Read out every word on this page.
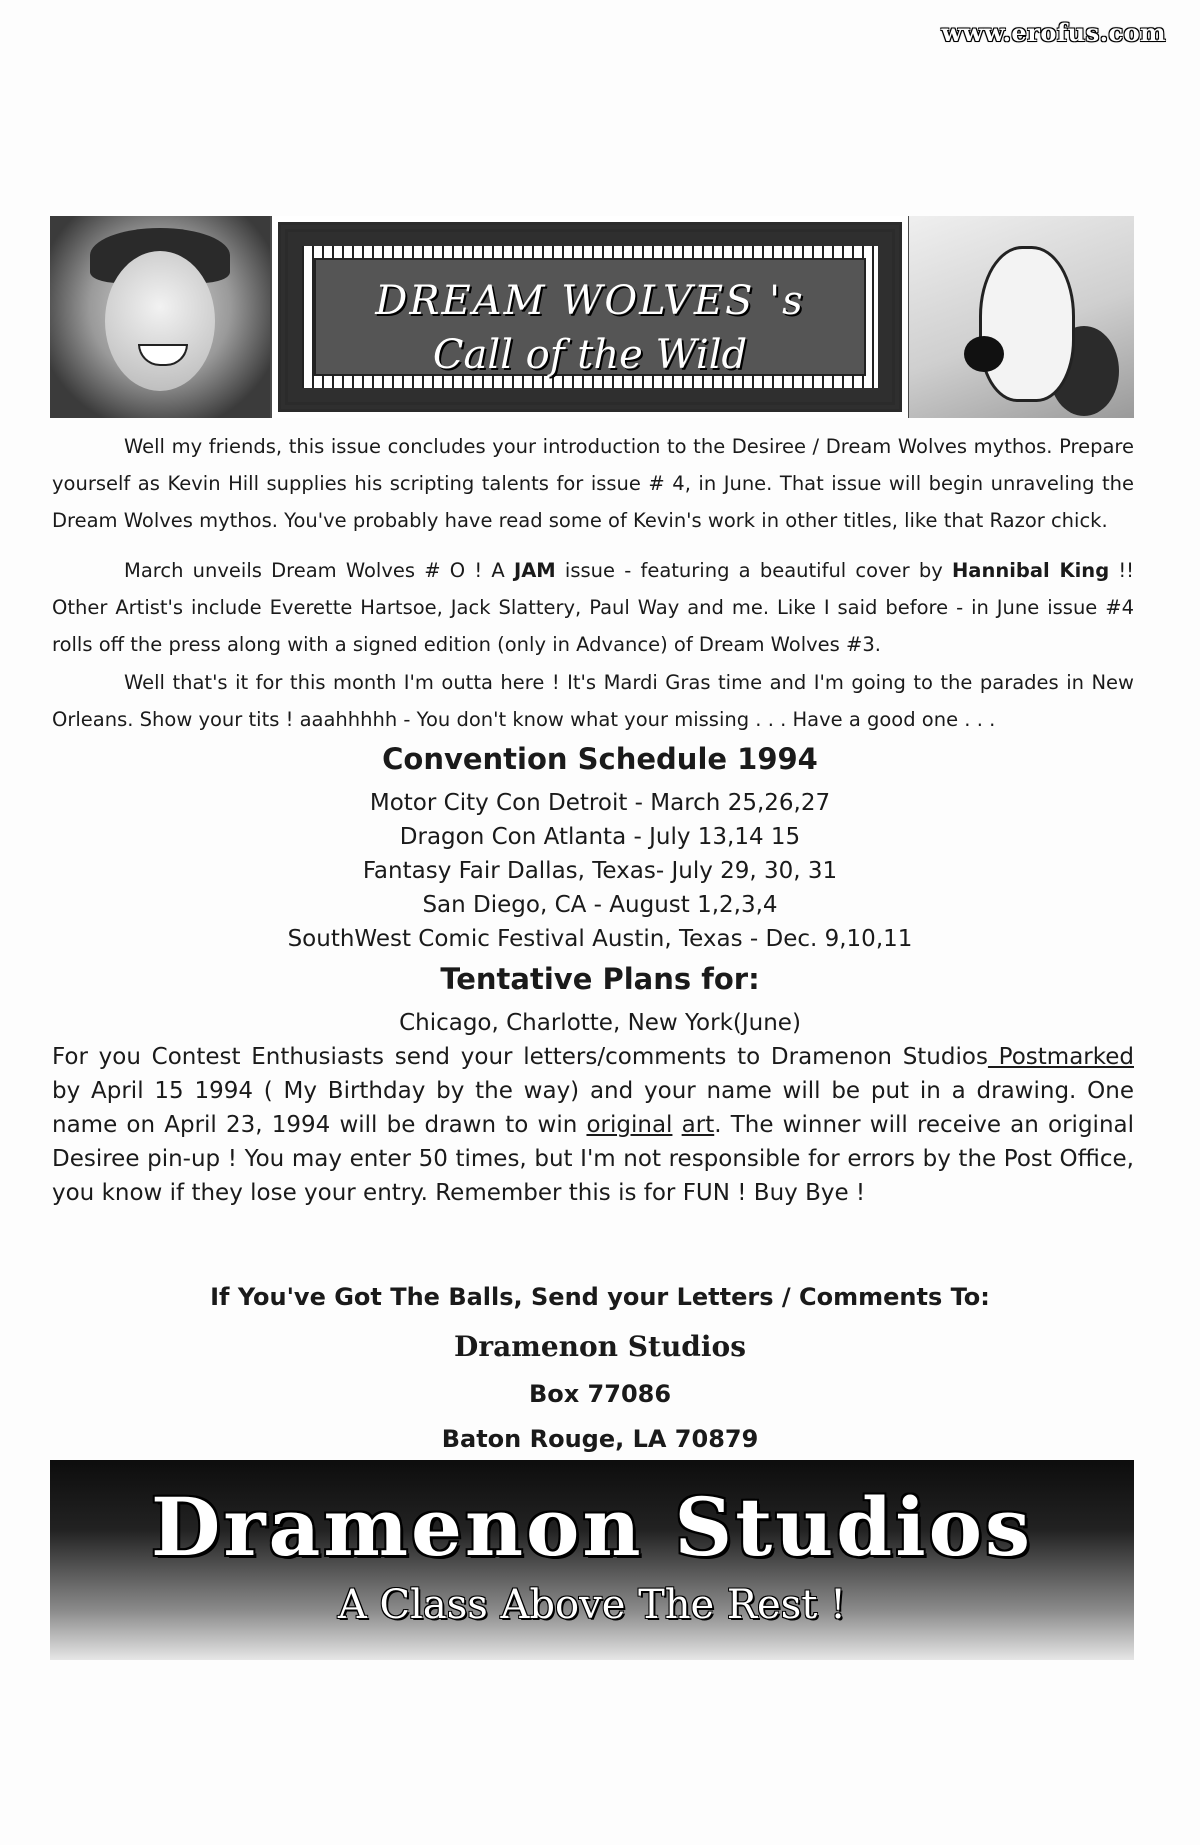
www.erofus.com
DREAM WOLVES 's
Call of the Wild

Well my friends, this issue concludes your introduction to the Desiree / Dream Wolves mythos. Prepare yourself as Kevin Hill supplies his scripting talents for issue # 4, in June. That issue will begin unraveling the Dream Wolves mythos. You've probably have read some of Kevin's work in other titles, like that Razor chick.

March unveils Dream Wolves # O ! A JAM issue - featuring a beautiful cover by Hannibal King !! Other Artist's include Everette Hartsoe, Jack Slattery, Paul Way and me. Like I said before - in June issue #4 rolls off the press along with a signed edition (only in Advance) of Dream Wolves #3.

Well that's it for this month I'm outta here ! It's Mardi Gras time and I'm going to the parades in New Orleans. Show your tits ! aaahhhhh - You don't know what your missing . . . Have a good one . . .

Convention Schedule 1994
Motor City Con Detroit - March 25,26,27
Dragon Con Atlanta - July 13,14 15
Fantasy Fair Dallas, Texas- July 29, 30, 31
San Diego, CA - August 1,2,3,4
SouthWest Comic Festival Austin, Texas - Dec. 9,10,11
Tentative Plans for:
Chicago, Charlotte, New York(June)

For you Contest Enthusiasts send your letters/comments to Dramenon Studios Postmarked by April 15 1994 ( My Birthday by the way) and your name will be put in a drawing. One name on April 23, 1994 will be drawn to win original art. The winner will receive an original Desiree pin-up ! You may enter 50 times, but I'm not responsible for errors by the Post Office, you know if they lose your entry. Remember this is for FUN ! Buy Bye !

If You've Got The Balls, Send your Letters / Comments To:
Dramenon Studios
Box 77086
Baton Rouge, LA 70879
Dramenon Studios
A Class Above The Rest !
